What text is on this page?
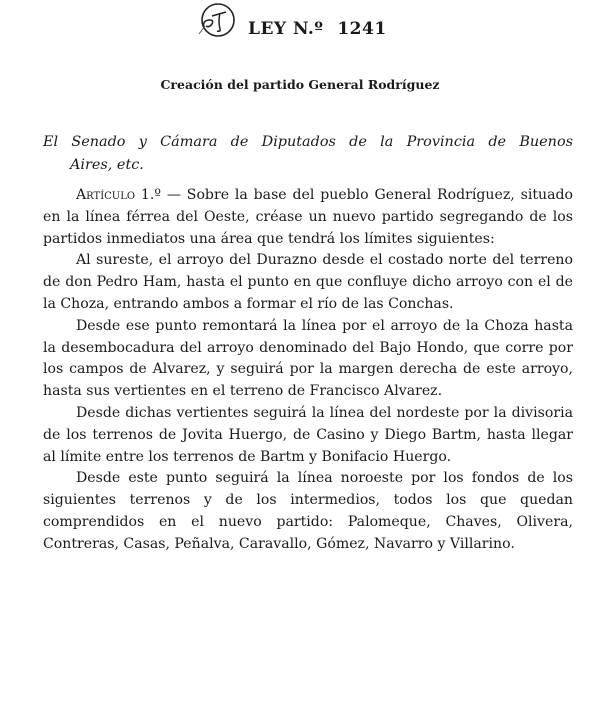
LEY N.º 1241
Creación del partido General Rodríguez
El Senado y Cámara de Diputados de la Provincia de Buenos
Aires, etc.

Artículo 1.º — Sobre la base del pueblo General Rodríguez, situado en la línea férrea del Oeste, créase un nuevo partido segregando de los partidos inmediatos una área que tendrá los límites siguientes:

Al sureste, el arroyo del Durazno desde el costado norte del terreno de don Pedro Ham, hasta el punto en que confluye dicho arroyo con el de la Choza, entrando ambos a formar el río de las Conchas.

Desde ese punto remontará la línea por el arroyo de la Choza hasta la desembocadura del arroyo denominado del Bajo Hondo, que corre por los campos de Alvarez, y seguirá por la margen derecha de este arroyo, hasta sus vertientes en el terreno de Francisco Alvarez.

Desde dichas vertientes seguirá la línea del nordeste por la divisoria de los terrenos de Jovita Huergo, de Casino y Diego Bartm, hasta llegar al límite entre los terrenos de Bartm y Bonifacio Huergo.

Desde este punto seguirá la línea noroeste por los fondos de los siguientes terrenos y de los intermedios, todos los que quedan comprendidos en el nuevo partido: Palomeque, Chaves, Olivera, Contreras, Casas, Peñalva, Caravallo, Gómez, Navarro y Villarino.
